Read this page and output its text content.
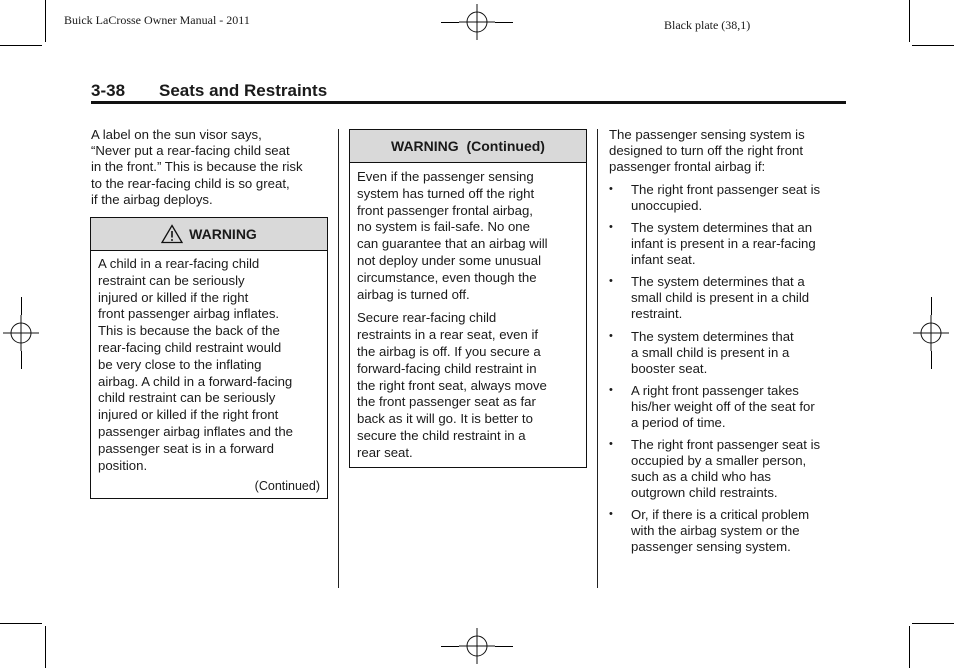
Buick LaCrosse Owner Manual - 2011	Black plate (38,1)
3-38 Seats and Restraints

A label on the sun visor says,

“Never put a rear-facing child seat

in the front.” This is because the risk

to the rear-facing child is so great,

if the airbag deploys.

WARNING

A child in a rear-facing child

restraint can be seriously

injured or killed if the right

front passenger airbag inflates.

This is because the back of the

rear-facing child restraint would

be very close to the inflating

airbag. A child in a forward-facing

child restraint can be seriously

injured or killed if the right front

passenger airbag inflates and the

passenger seat is in a forward

position.

(Continued)

WARNING  (Continued)

Even if the passenger sensing

system has turned off the right

front passenger frontal airbag,

no system is fail-safe. No one

can guarantee that an airbag will

not deploy under some unusual

circumstance, even though the

airbag is turned off.

Secure rear-facing child

restraints in a rear seat, even if

the airbag is off. If you secure a

forward-facing child restraint in

the right front seat, always move

the front passenger seat as far

back as it will go. It is better to

secure the child restraint in a

rear seat.

The passenger sensing system is

designed to turn off the right front

passenger frontal airbag if:

• The right front passenger seat is
unoccupied.
• The system determines that an
infant is present in a rear-facing
infant seat.
• The system determines that a
small child is present in a child
restraint.
• The system determines that
a small child is present in a
booster seat.
• A right front passenger takes
his/her weight off of the seat for
a period of time.
• The right front passenger seat is
occupied by a smaller person,
such as a child who has
outgrown child restraints.
• Or, if there is a critical problem
with the airbag system or the
passenger sensing system.
